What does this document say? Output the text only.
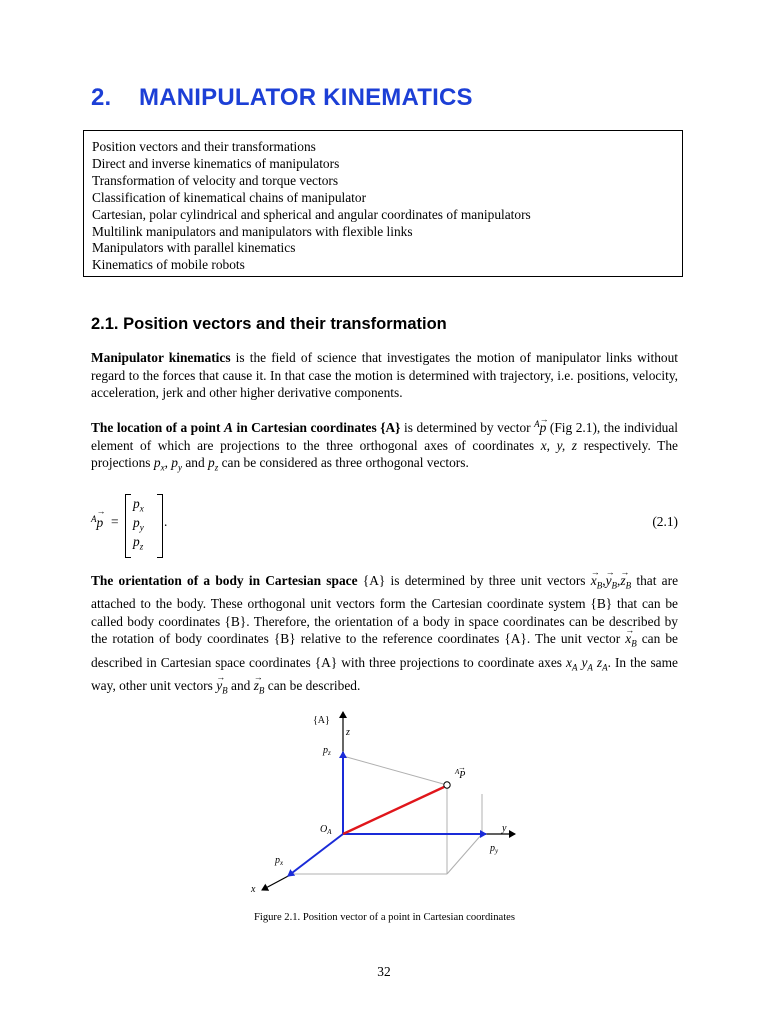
2. MANIPULATOR KINEMATICS
Position vectors and their transformations
Direct and inverse kinematics of manipulators
Transformation of velocity and torque vectors
Classification of kinematical chains of manipulator
Cartesian, polar cylindrical and spherical and angular coordinates of manipulators
Multilink manipulators and manipulators with flexible links
Manipulators with parallel kinematics
Kinematics of mobile robots
2.1. Position vectors and their transformation

Manipulator kinematics is the field of science that investigates the motion of manipulator links without regard to the forces that cause it. In that case the motion is determined with trajectory, i.e. positions, velocity, acceleration, jerk and other higher derivative components.

The location of a point A in Cartesian coordinates {A} is determined by vector $^A$→ p (Fig 2.1), the individual element of which are projections to the three orthogonal axes of coordinates x, y, z respectively. The projections $p_x$, $p_y$ and $p_z$ can be considered as three orthogonal vectors.

$^A$→ p =
$p_x$
$p_y$
$p_z$
.	(2.1)

The orientation of a body in Cartesian space {A} is determined by three unit vectors → $x_B,\to y_B,\to z_B$ that are attached to the body. These orthogonal unit vectors form the Cartesian coordinate system {B} that can be called body coordinates {B}. Therefore, the orientation of a body in space coordinates can be described by the rotation of body coordinates {B} relative to the reference coordinates {A}. The unit vector → $x_B$ can be described in Cartesian space coordinates {A} with three projections to coordinate axes $x_A$ $y_A$ $z_A$. In the same way, other unit vectors → $y_B$ and → $z_B$ can be described.

{A}
z
$p_z$
$^A$P
→
$O_A$	y
$p_y$
$p_x$
x

Figure 2.1. Position vector of a point in Cartesian coordinates

32
